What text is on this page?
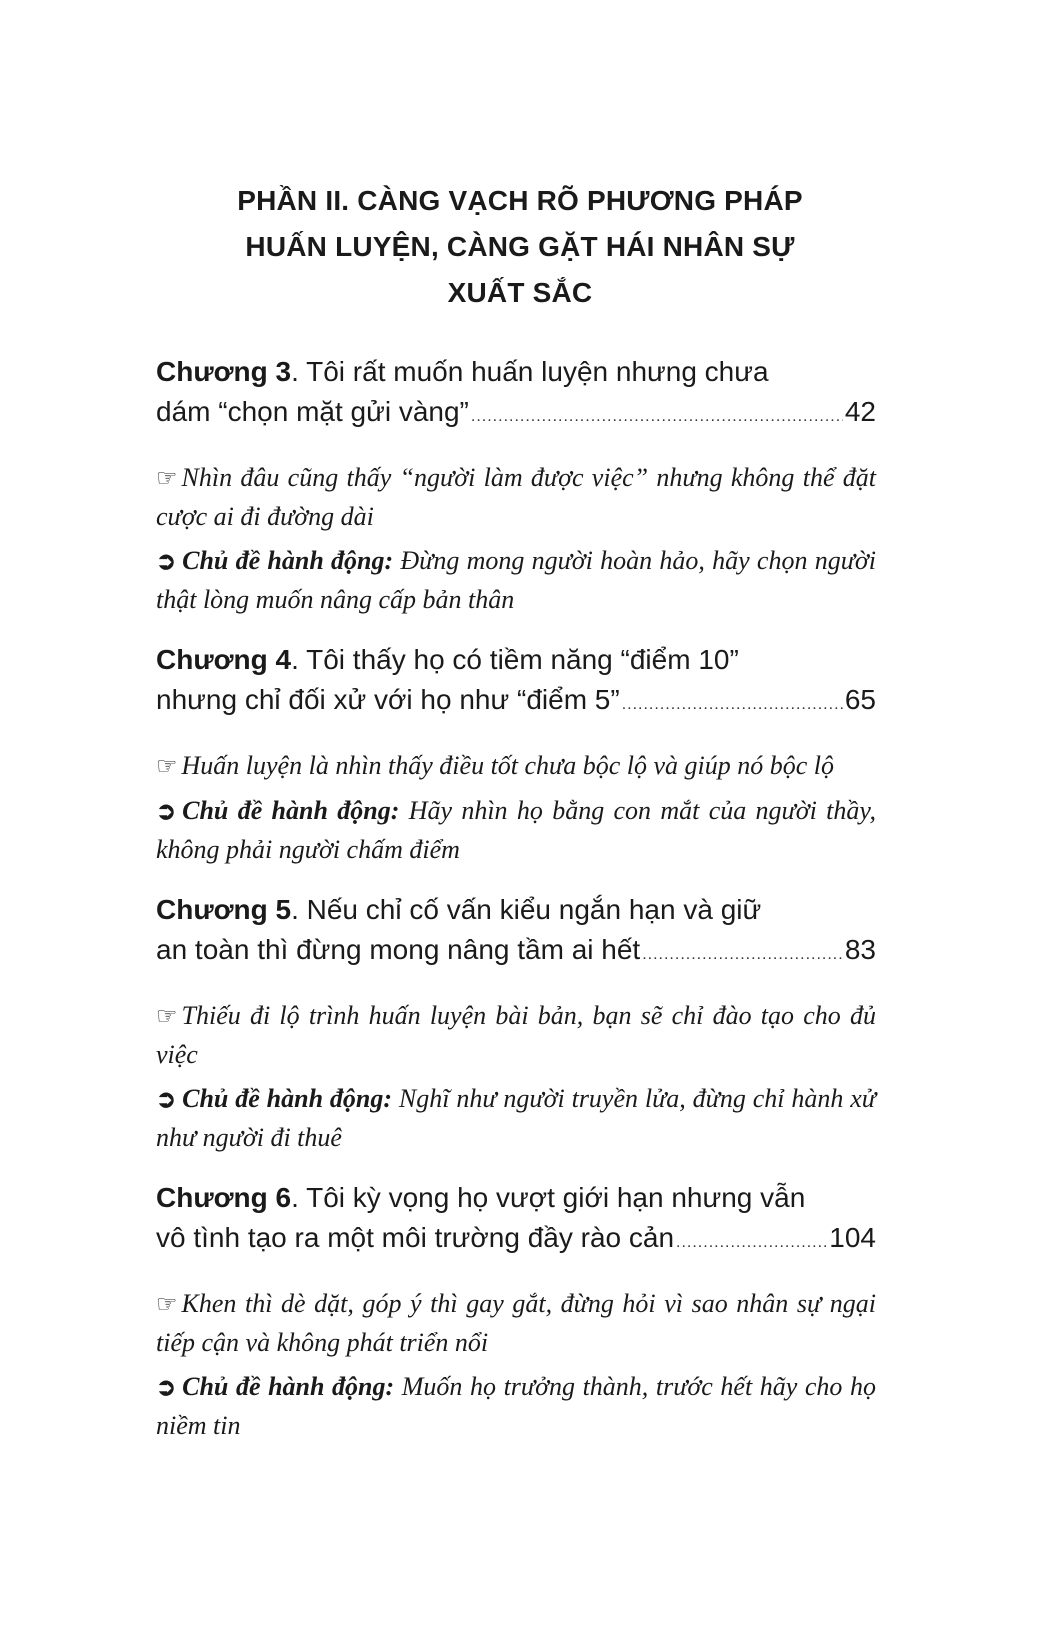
PHẦN II. CÀNG VẠCH RÕ PHƯƠNG PHÁP
HUẤN LUYỆN, CÀNG GẶT HÁI NHÂN SỰ
XUẤT SẮC
Chương 3. Tôi rất muốn huấn luyện nhưng chưa
dám “chọn mặt gửi vàng” .....	42

☞ Nhìn đâu cũng thấy “người làm được việc” nhưng không thể đặt cược ai đi đường dài

➲ Chủ đề hành động: Đừng mong người hoàn hảo, hãy chọn người thật lòng muốn nâng cấp bản thân

Chương 4. Tôi thấy họ có tiềm năng “điểm 10”
nhưng chỉ đối xử với họ như “điểm 5” .....	65

☞ Huấn luyện là nhìn thấy điều tốt chưa bộc lộ và giúp nó bộc lộ

➲ Chủ đề hành động: Hãy nhìn họ bằng con mắt của người thầy, không phải người chấm điểm

Chương 5. Nếu chỉ cố vấn kiểu ngắn hạn và giữ
an toàn thì đừng mong nâng tầm ai hết .....	83

☞ Thiếu đi lộ trình huấn luyện bài bản, bạn sẽ chỉ đào tạo cho đủ việc

➲ Chủ đề hành động: Nghĩ như người truyền lửa, đừng chỉ hành xử như người đi thuê

Chương 6. Tôi kỳ vọng họ vượt giới hạn nhưng vẫn
vô tình tạo ra một môi trường đầy rào cản .....	104

☞ Khen thì dè dặt, góp ý thì gay gắt, đừng hỏi vì sao nhân sự ngại tiếp cận và không phát triển nổi

➲ Chủ đề hành động: Muốn họ trưởng thành, trước hết hãy cho họ niềm tin
